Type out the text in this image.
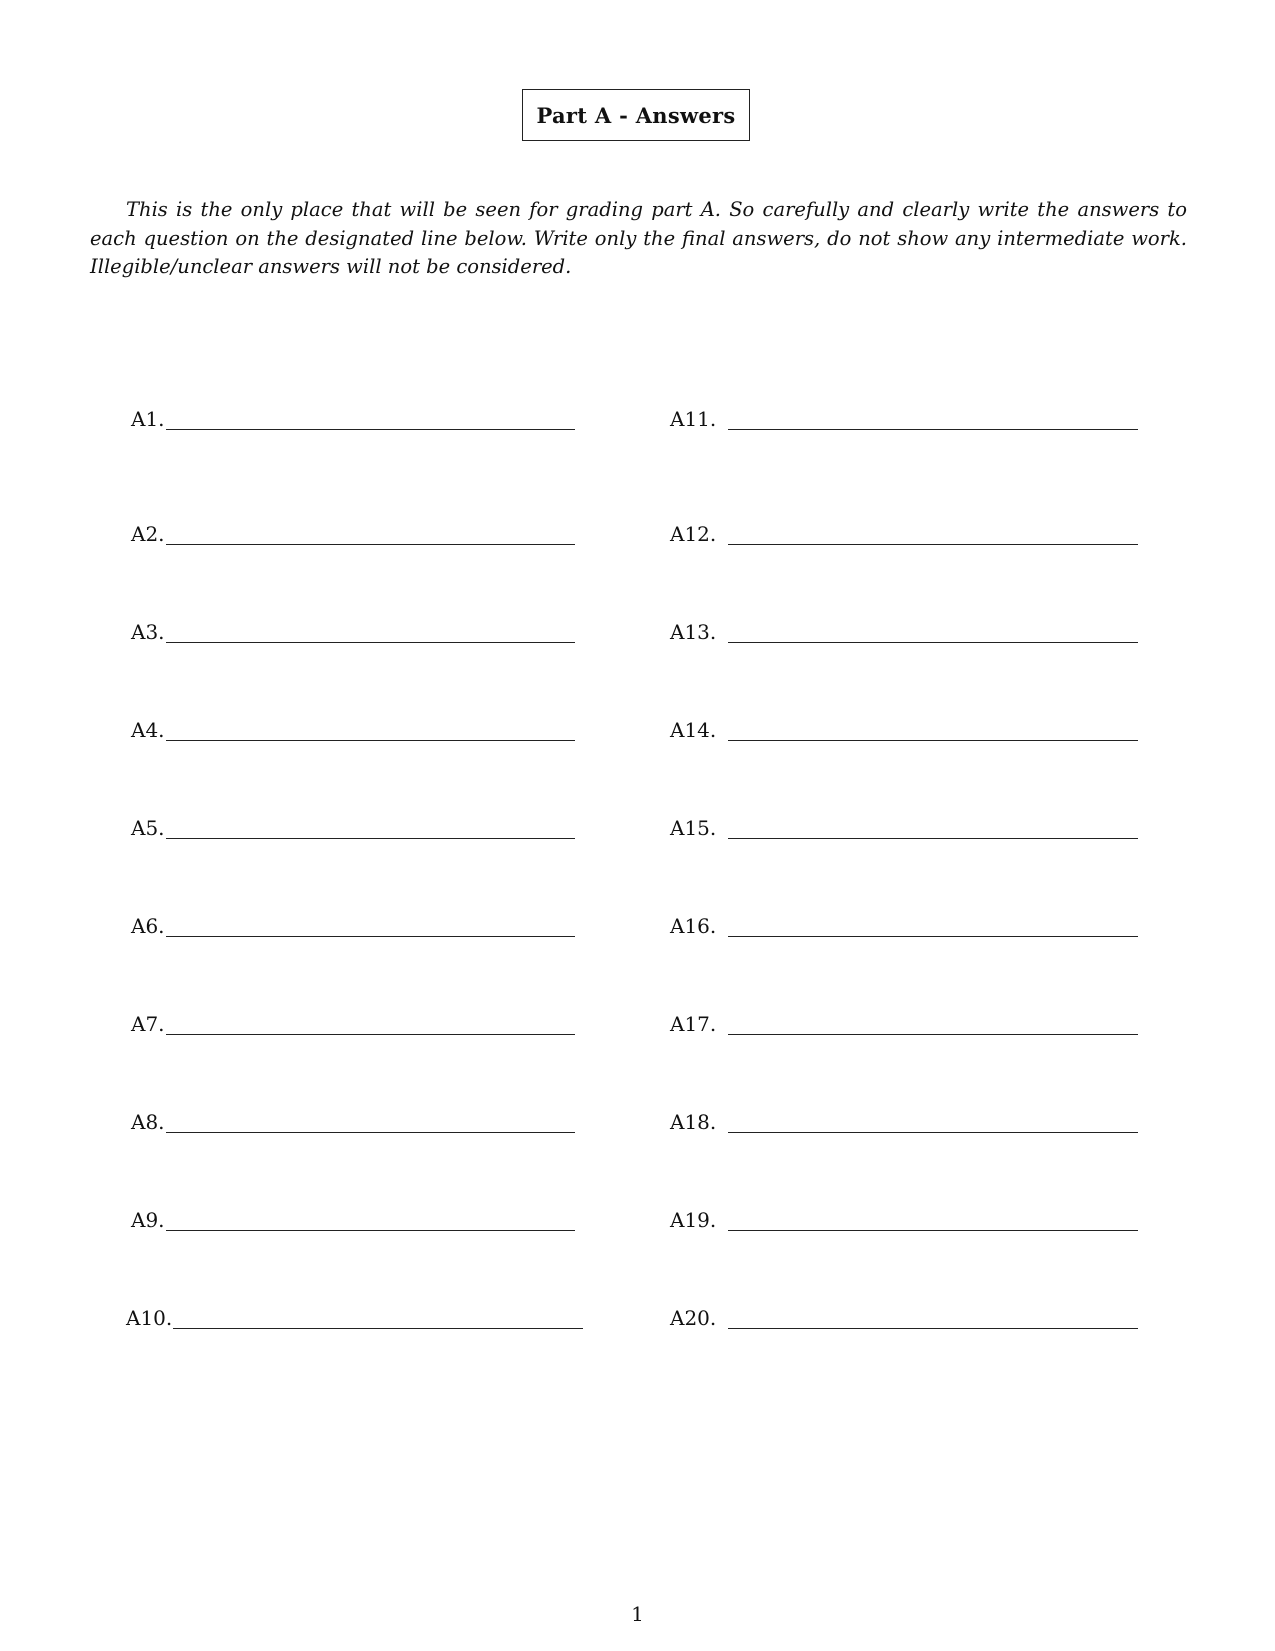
Part A - Answers

This is the only place that will be seen for grading part A. So carefully and clearly write the answers to each question on the designated line below. Write only the final answers, do not show any intermediate work. Illegible/unclear answers will not be considered.

A1.
A2.
A3.
A4.
A5.
A6.
A7.
A8.
A9.
A10.
A11.
A12.
A13.
A14.
A15.
A16.
A17.
A18.
A19.
A20.
1
